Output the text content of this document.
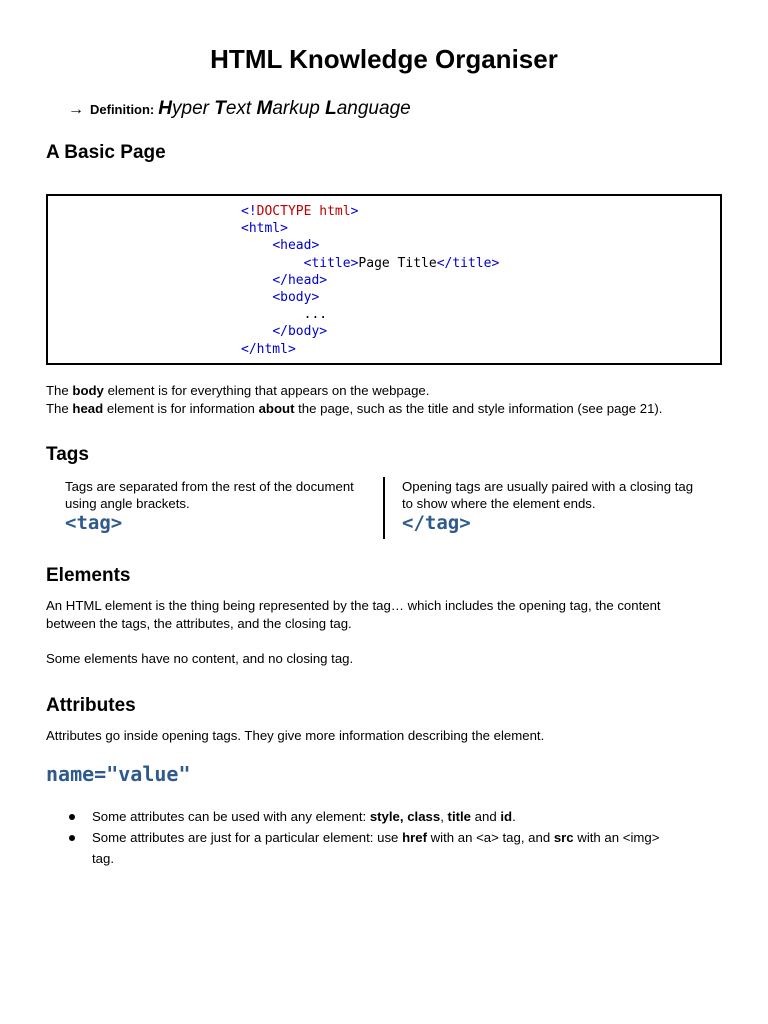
HTML Knowledge Organiser
→ Definition: Hyper Text Markup Language
A Basic Page
<!DOCTYPE html>
<html>
<head>
<title>Page Title</title>
</head>
<body>
...
</body>
</html>
The body element is for everything that appears on the webpage.
The head element is for information about the page, such as the title and style information (see page 21).
Tags
Tags are separated from the rest of the document using angle brackets.
<tag>
Opening tags are usually paired with a closing tag to show where the element ends.
</tag>
Elements
An HTML element is the thing being represented by the tag… which includes the opening tag, the content
between the tags, the attributes, and the closing tag.
Some elements have no content, and no closing tag.
Attributes
Attributes go inside opening tags. They give more information describing the element.
name="value"
Some attributes can be used with any element: style, class, title and id.
Some attributes are just for a particular element: use href with an <a> tag, and src with an <img>
tag.
